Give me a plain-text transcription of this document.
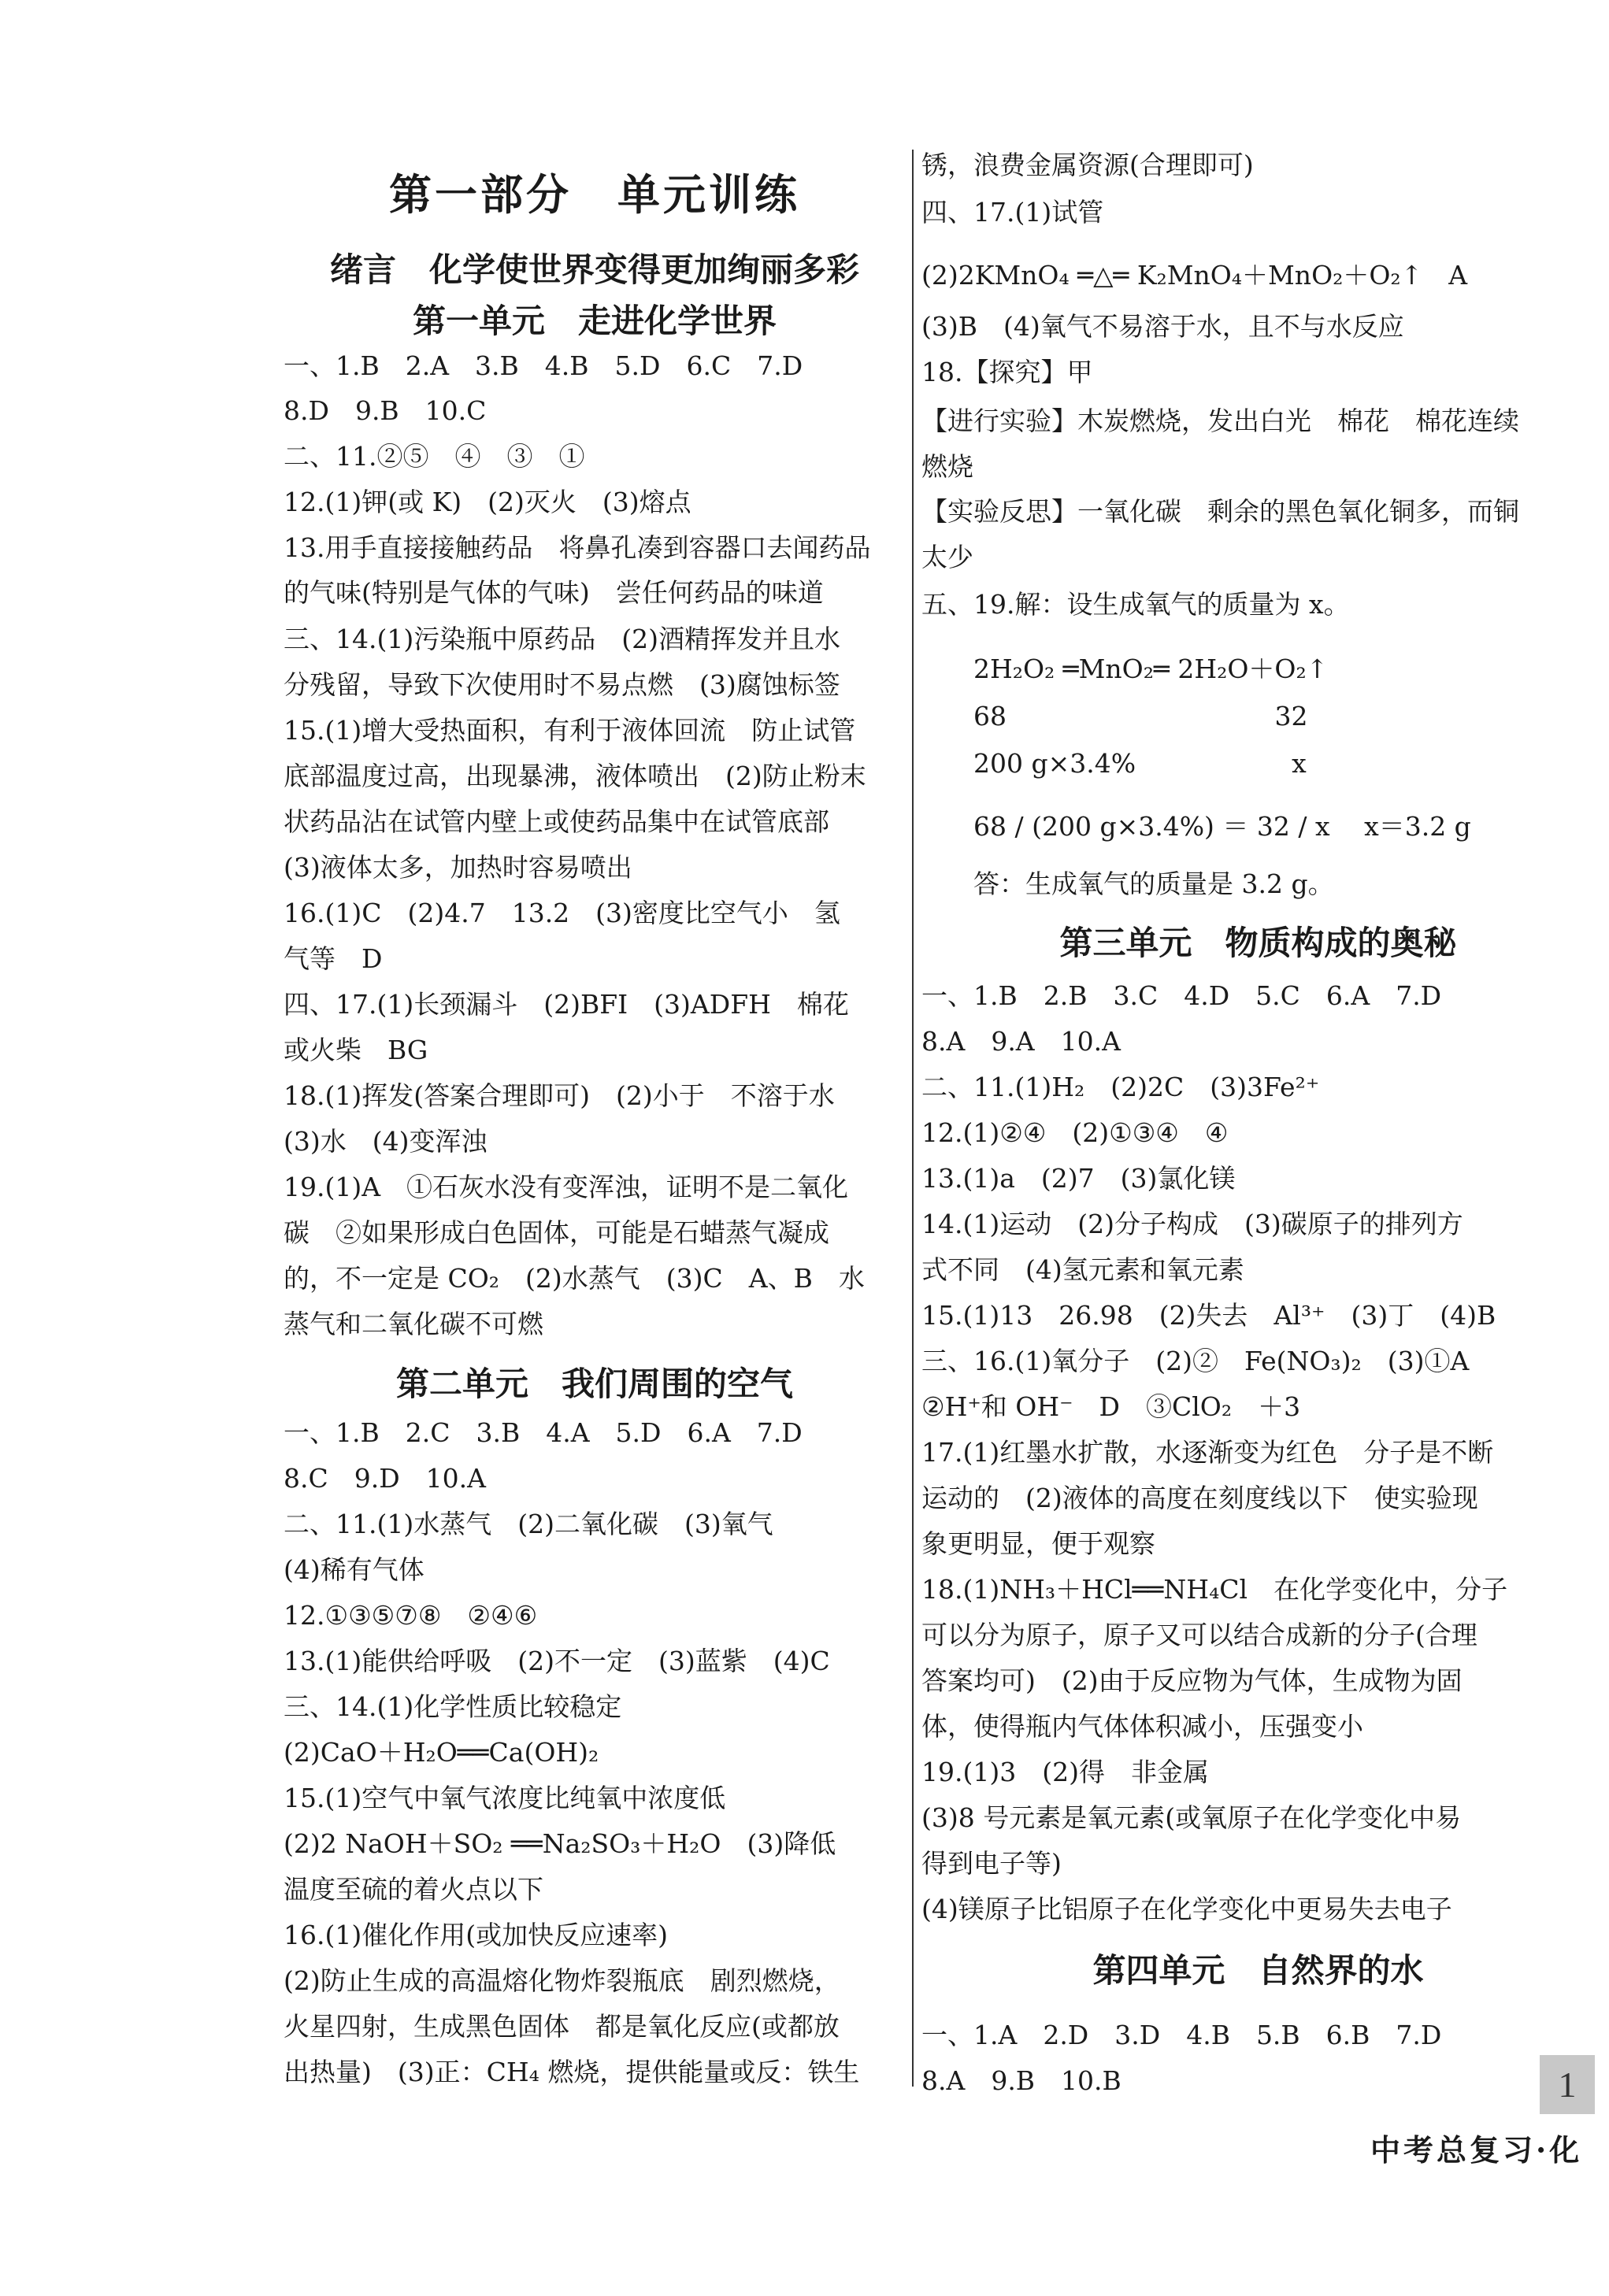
第一部分　单元训练
1
中考总复习·化
绪言　化学使世界变得更加绚丽多彩
第一单元　走进化学世界
一、1.B　2.A　3.B　4.B　5.D　6.C　7.D
8.D　9.B　10.C
二、11.②⑤　④　③　①
12.(1)钾(或 K)　(2)灭火　(3)熔点
13.用手直接接触药品　将鼻孔凑到容器口去闻药品
的气味(特别是气体的气味)　尝任何药品的味道
三、14.(1)污染瓶中原药品　(2)酒精挥发并且水
分残留，导致下次使用时不易点燃　(3)腐蚀标签
15.(1)增大受热面积，有利于液体回流　防止试管
底部温度过高，出现暴沸，液体喷出　(2)防止粉末
状药品沾在试管内壁上或使药品集中在试管底部
(3)液体太多，加热时容易喷出
16.(1)C　(2)4.7　13.2　(3)密度比空气小　氢
气等　D
四、17.(1)长颈漏斗　(2)BFI　(3)ADFH　棉花
或火柴　BG
18.(1)挥发(答案合理即可)　(2)小于　不溶于水
(3)水　(4)变浑浊
19.(1)A　①石灰水没有变浑浊，证明不是二氧化
碳　②如果形成白色固体，可能是石蜡蒸气凝成
的，不一定是 CO₂　(2)水蒸气　(3)C　A、B　水
蒸气和二氧化碳不可燃
第二单元　我们周围的空气
一、1.B　2.C　3.B　4.A　5.D　6.A　7.D
8.C　9.D　10.A
二、11.(1)水蒸气　(2)二氧化碳　(3)氧气
(4)稀有气体
12.①③⑤⑦⑧　②④⑥
13.(1)能供给呼吸　(2)不一定　(3)蓝紫　(4)C
三、14.(1)化学性质比较稳定
(2)CaO＋H₂O══Ca(OH)₂
15.(1)空气中氧气浓度比纯氧中浓度低
(2)2 NaOH＋SO₂ ══Na₂SO₃＋H₂O　(3)降低
温度至硫的着火点以下
16.(1)催化作用(或加快反应速率)
(2)防止生成的高温熔化物炸裂瓶底　剧烈燃烧，
火星四射，生成黑色固体　都是氧化反应(或都放
出热量)　(3)正：CH₄ 燃烧，提供能量或反：铁生
锈，浪费金属资源(合理即可)
四、17.(1)试管
(2)2KMnO₄ ═△═ K₂MnO₄＋MnO₂＋O₂↑　A
(3)B　(4)氧气不易溶于水，且不与水反应
18.【探究】甲
【进行实验】木炭燃烧，发出白光　棉花　棉花连续
燃烧
【实验反思】一氧化碳　剩余的黑色氧化铜多，而铜
太少
五、19.解：设生成氧气的质量为 x。
　　2H₂O₂ ═MnO₂═ 2H₂O＋O₂↑
　　68　　　　　　　　　　 32
　　200 g×3.4%　　　　　　x
　　68 / (200 g×3.4%) ＝ 32 / x　 x＝3.2 g
　　答：生成氧气的质量是 3.2 g。
第三单元　物质构成的奥秘
一、1.B　2.B　3.C　4.D　5.C　6.A　7.D
8.A　9.A　10.A
二、11.(1)H₂　(2)2C　(3)3Fe²⁺
12.(1)②④　(2)①③④　④
13.(1)a　(2)7　(3)氯化镁
14.(1)运动　(2)分子构成　(3)碳原子的排列方
式不同　(4)氢元素和氧元素
15.(1)13　26.98　(2)失去　Al³⁺　(3)丁　(4)B
三、16.(1)氧分子　(2)②　Fe(NO₃)₂　(3)①A
②H⁺和 OH⁻　D　③ClO₂　＋3
17.(1)红墨水扩散，水逐渐变为红色　分子是不断
运动的　(2)液体的高度在刻度线以下　使实验现
象更明显，便于观察
18.(1)NH₃＋HCl══NH₄Cl　在化学变化中，分子
可以分为原子，原子又可以结合成新的分子(合理
答案均可)　(2)由于反应物为气体，生成物为固
体，使得瓶内气体体积减小，压强变小
19.(1)3　(2)得　非金属
(3)8 号元素是氧元素(或氧原子在化学变化中易
得到电子等)
(4)镁原子比铝原子在化学变化中更易失去电子
第四单元　自然界的水
一、1.A　2.D　3.D　4.B　5.B　6.B　7.D
8.A　9.B　10.B
